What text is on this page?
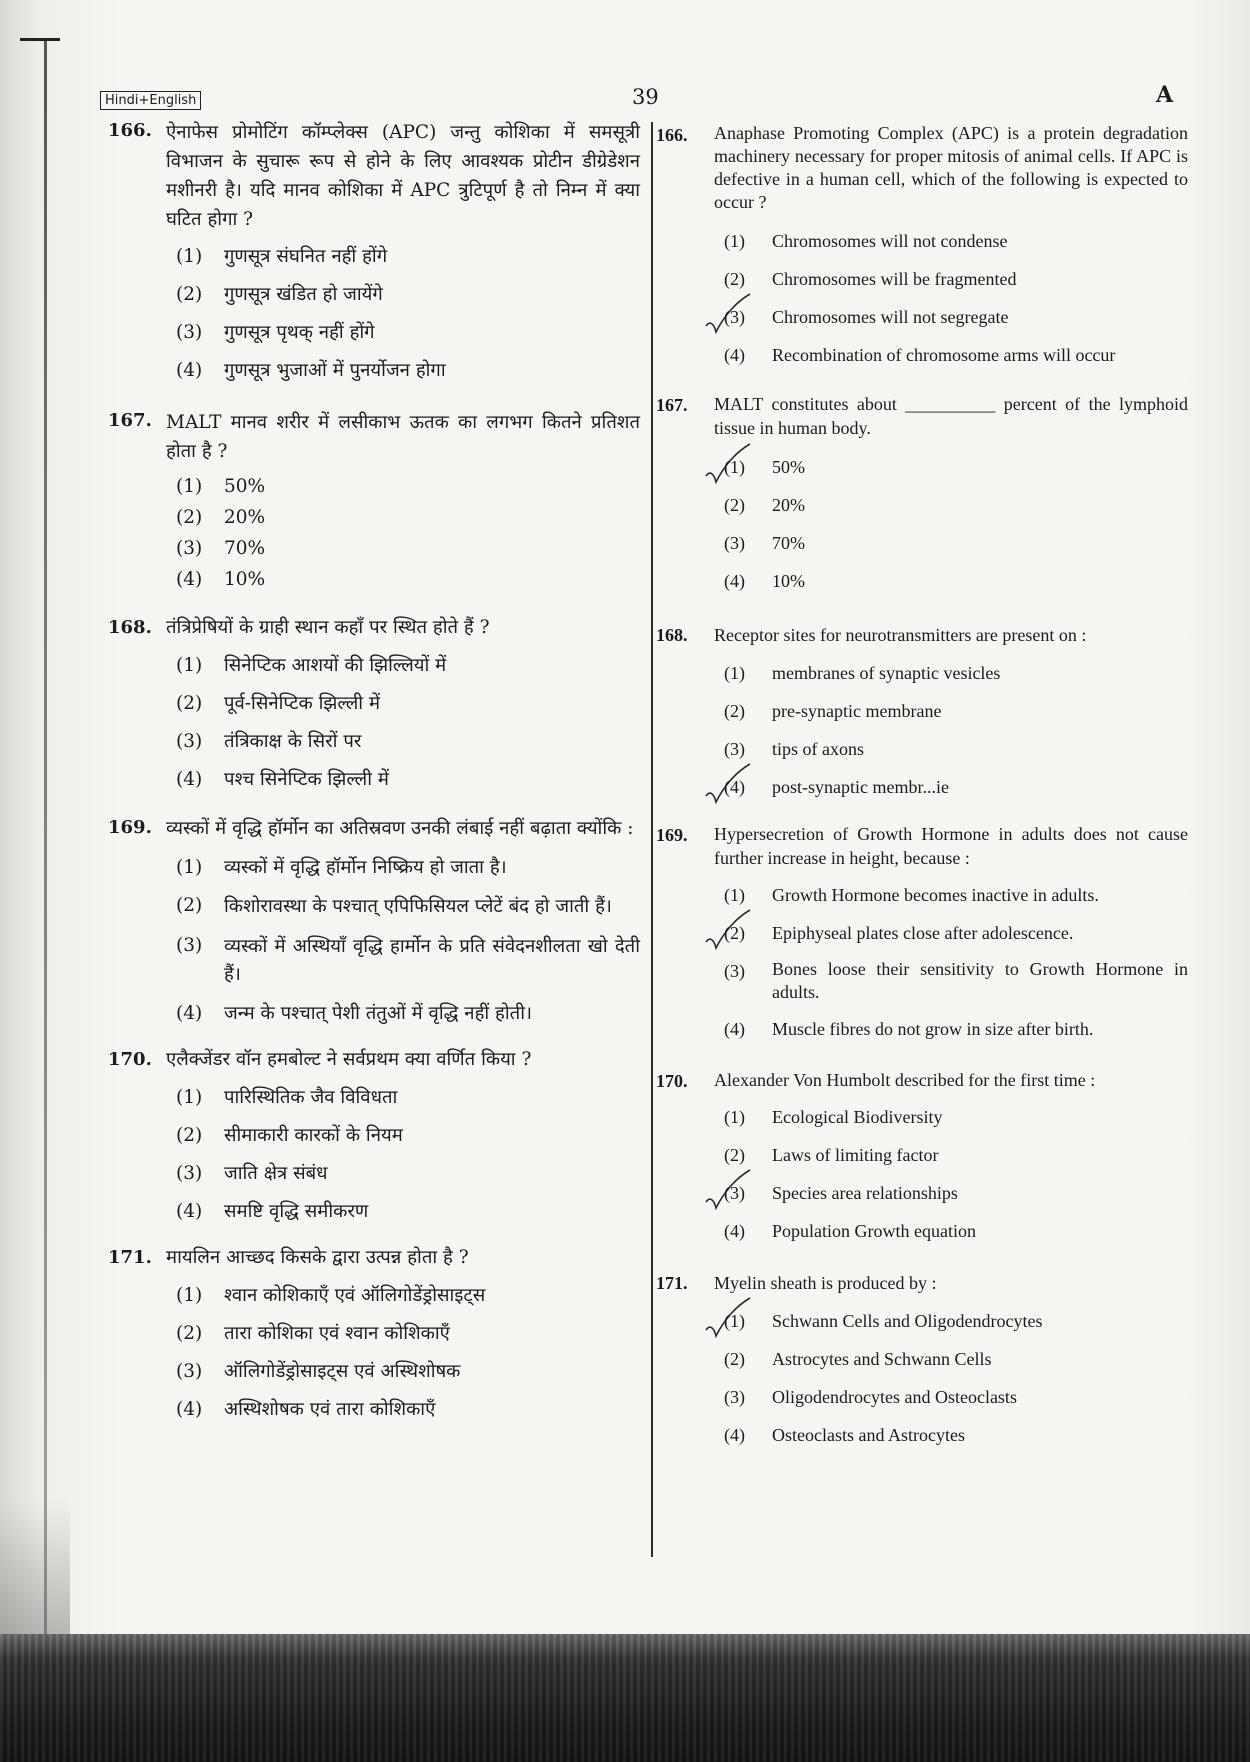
Hindi+English	39	A
166. ऐनाफेस प्रोमोटिंग कॉम्प्लेक्स (APC) जन्तु कोशिका में समसूत्री विभाजन के सुचारू रूप से होने के लिए आवश्यक प्रोटीन डीग्रेडेशन मशीनरी है। यदि मानव कोशिका में APC त्रुटिपूर्ण है तो निम्न में क्या घटित होगा ?
(1) गुणसूत्र संघनित नहीं होंगे
(2) गुणसूत्र खंडित हो जायेंगे
(3) गुणसूत्र पृथक् नहीं होंगे
(4) गुणसूत्र भुजाओं में पुनर्योजन होगा
167. MALT मानव शरीर में लसीकाभ ऊतक का लगभग कितने प्रतिशत होता है ?
(1) 50%
(2) 20%
(3) 70%
(4) 10%
168. तंत्रिप्रेषियों के ग्राही स्थान कहाँ पर स्थित होते हैं ?
(1) सिनेप्टिक आशयों की झिल्लियों में
(2) पूर्व-सिनेप्टिक झिल्ली में
(3) तंत्रिकाक्ष के सिरों पर
(4) पश्च सिनेप्टिक झिल्ली में
169. व्यस्कों में वृद्धि हॉर्मोन का अतिस्रवण उनकी लंबाई नहीं बढ़ाता क्योंकि :
(1) व्यस्कों में वृद्धि हॉर्मोन निष्क्रिय हो जाता है।
(2) किशोरावस्था के पश्चात् एपिफिसियल प्लेटें बंद हो जाती हैं।
(3) व्यस्कों में अस्थियाँ वृद्धि हार्मोन के प्रति संवेदनशीलता खो देती हैं।
(4) जन्म के पश्चात् पेशी तंतुओं में वृद्धि नहीं होती।
170. एलैक्जेंडर वॉन हमबोल्ट ने सर्वप्रथम क्या वर्णित किया ?
(1) पारिस्थितिक जैव विविधता
(2) सीमाकारी कारकों के नियम
(3) जाति क्षेत्र संबंध
(4) समष्टि वृद्धि समीकरण
171. मायलिन आच्छद किसके द्वारा उत्पन्न होता है ?
(1) श्वान कोशिकाएँ एवं ऑलिगोडेंड्रोसाइट्स
(2) तारा कोशिका एवं श्वान कोशिकाएँ
(3) ऑलिगोडेंड्रोसाइट्स एवं अस्थिशोषक
(4) अस्थिशोषक एवं तारा कोशिकाएँ
166. Anaphase Promoting Complex (APC) is a protein degradation machinery necessary for proper mitosis of animal cells. If APC is defective in a human cell, which of the following is expected to occur ?
(1) Chromosomes will not condense
(2) Chromosomes will be fragmented
(3) Chromosomes will not segregate
(4) Recombination of chromosome arms will occur
167. MALT constitutes about __________ percent of the lymphoid tissue in human body.
(1) 50%
(2) 20%
(3) 70%
(4) 10%
168. Receptor sites for neurotransmitters are present on :
(1) membranes of synaptic vesicles
(2) pre-synaptic membrane
(3) tips of axons
(4) post-synaptic membr...ie
169. Hypersecretion of Growth Hormone in adults does not cause further increase in height, because :
(1) Growth Hormone becomes inactive in adults.
(2) Epiphyseal plates close after adolescence.
(3) Bones loose their sensitivity to Growth Hormone in adults.
(4) Muscle fibres do not grow in size after birth.
170. Alexander Von Humbolt described for the first time :
(1) Ecological Biodiversity
(2) Laws of limiting factor
(3) Species area relationships
(4) Population Growth equation
171. Myelin sheath is produced by :
(1) Schwann Cells and Oligodendrocytes
(2) Astrocytes and Schwann Cells
(3) Oligodendrocytes and Osteoclasts
(4) Osteoclasts and Astrocytes
